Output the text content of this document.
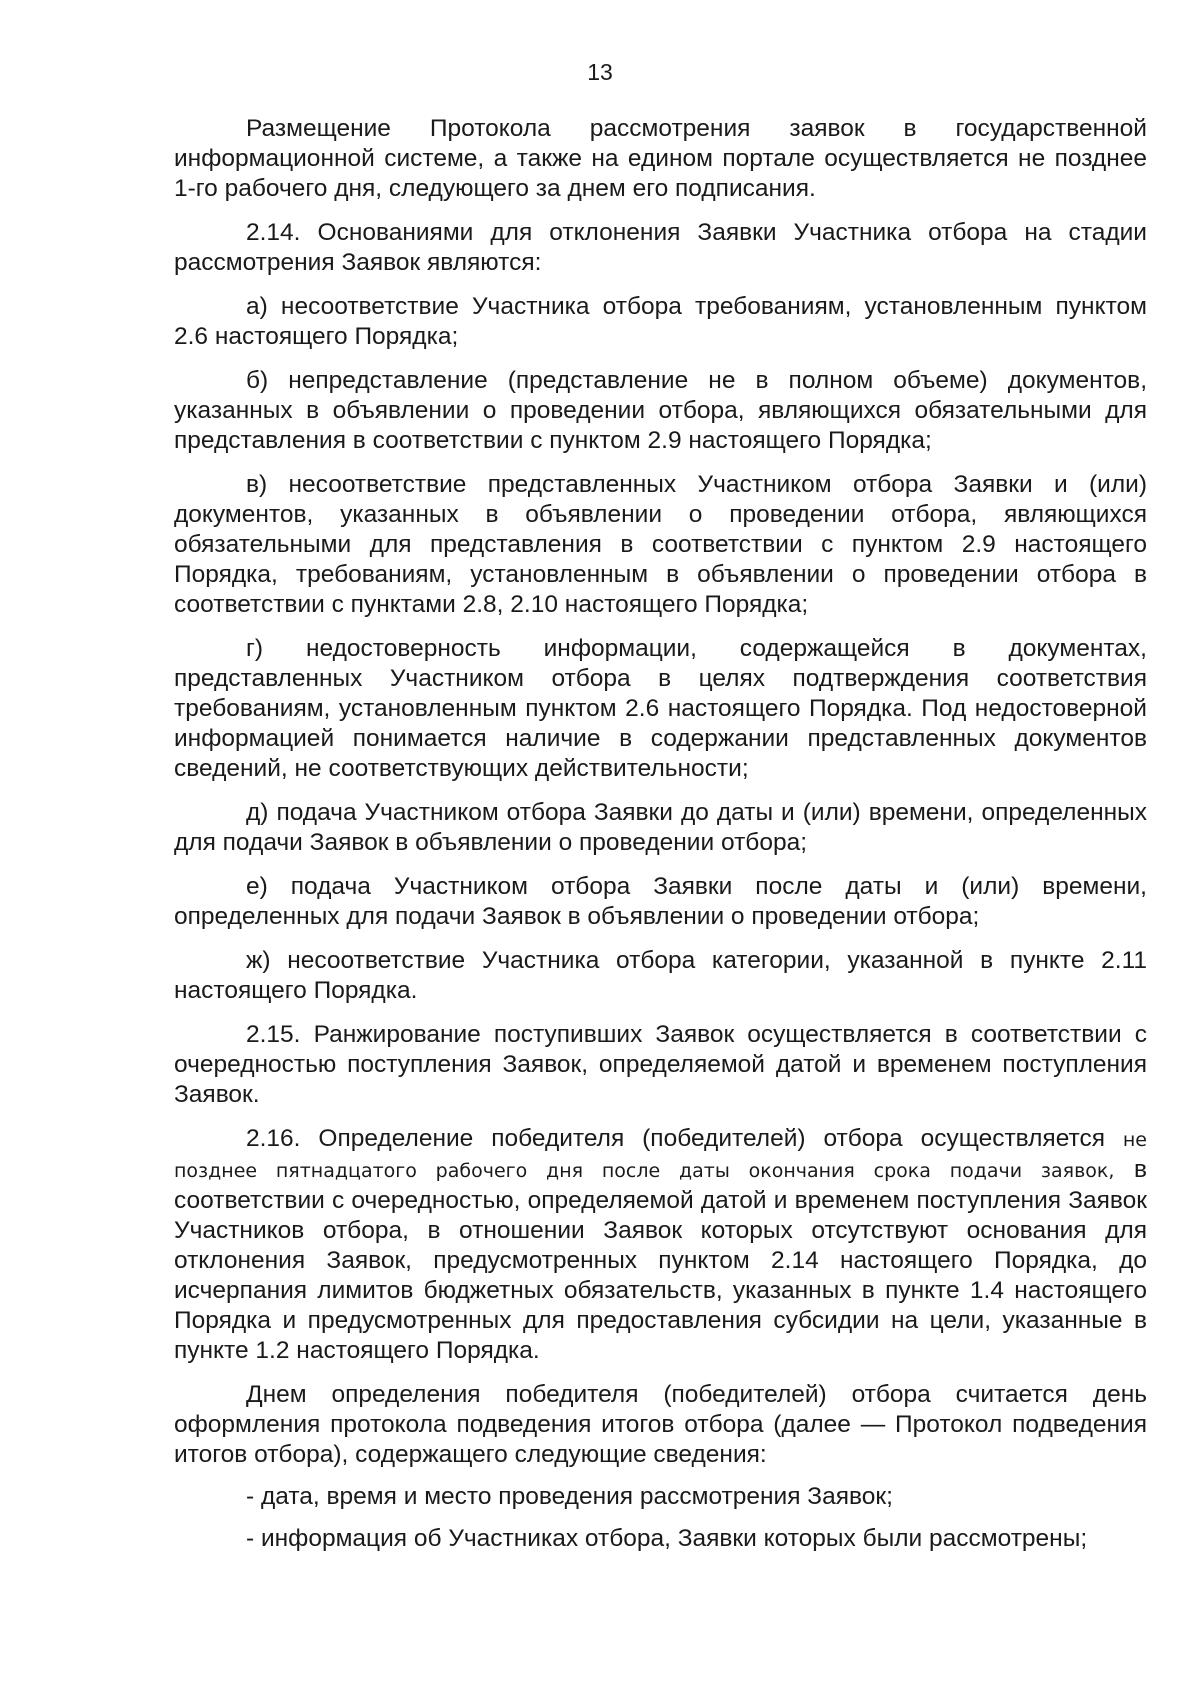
13

Размещение Протокола рассмотрения заявок в государственной информационной системе, а также на едином портале осуществляется не позднее 1-го рабочего дня, следующего за днем его подписания.

2.14. Основаниями для отклонения Заявки Участника отбора на стадии рассмотрения Заявок являются:

а) несоответствие Участника отбора требованиям, установленным пунктом 2.6 настоящего Порядка;

б) непредставление (представление не в полном объеме) документов, указанных в объявлении о проведении отбора, являющихся обязательными для представления в соответствии с пунктом 2.9 настоящего Порядка;

в) несоответствие представленных Участником отбора Заявки и (или) документов, указанных в объявлении о проведении отбора, являющихся обязательными для представления в соответствии с пунктом 2.9 настоящего Порядка, требованиям, установленным в объявлении о проведении отбора в соответствии с пунктами 2.8, 2.10 настоящего Порядка;

г) недостоверность информации, содержащейся в документах, представленных Участником отбора в целях подтверждения соответствия требованиям, установленным пунктом 2.6 настоящего Порядка. Под недостоверной информацией понимается наличие в содержании представленных документов сведений, не соответствующих действительности;

д) подача Участником отбора Заявки до даты и (или) времени, определенных для подачи Заявок в объявлении о проведении отбора;

е) подача Участником отбора Заявки после даты и (или) времени, определенных для подачи Заявок в объявлении о проведении отбора;

ж) несоответствие Участника отбора категории, указанной в пункте 2.11 настоящего Порядка.

2.15. Ранжирование поступивших Заявок осуществляется в соответствии с очередностью поступления Заявок, определяемой датой и временем поступления Заявок.

2.16. Определение победителя (победителей) отбора осуществляется не позднее пятнадцатого рабочего дня после даты окончания срока подачи заявок, в соответствии с очередностью, определяемой датой и временем поступления Заявок Участников отбора, в отношении Заявок которых отсутствуют основания для отклонения Заявок, предусмотренных пунктом 2.14 настоящего Порядка, до исчерпания лимитов бюджетных обязательств, указанных в пункте 1.4 настоящего Порядка и предусмотренных для предоставления субсидии на цели, указанные в пункте 1.2 настоящего Порядка.

Днем определения победителя (победителей) отбора считается день оформления протокола подведения итогов отбора (далее — Протокол подведения итогов отбора), содержащего следующие сведения:

- дата, время и место проведения рассмотрения Заявок;

- информация об Участниках отбора, Заявки которых были рассмотрены;
